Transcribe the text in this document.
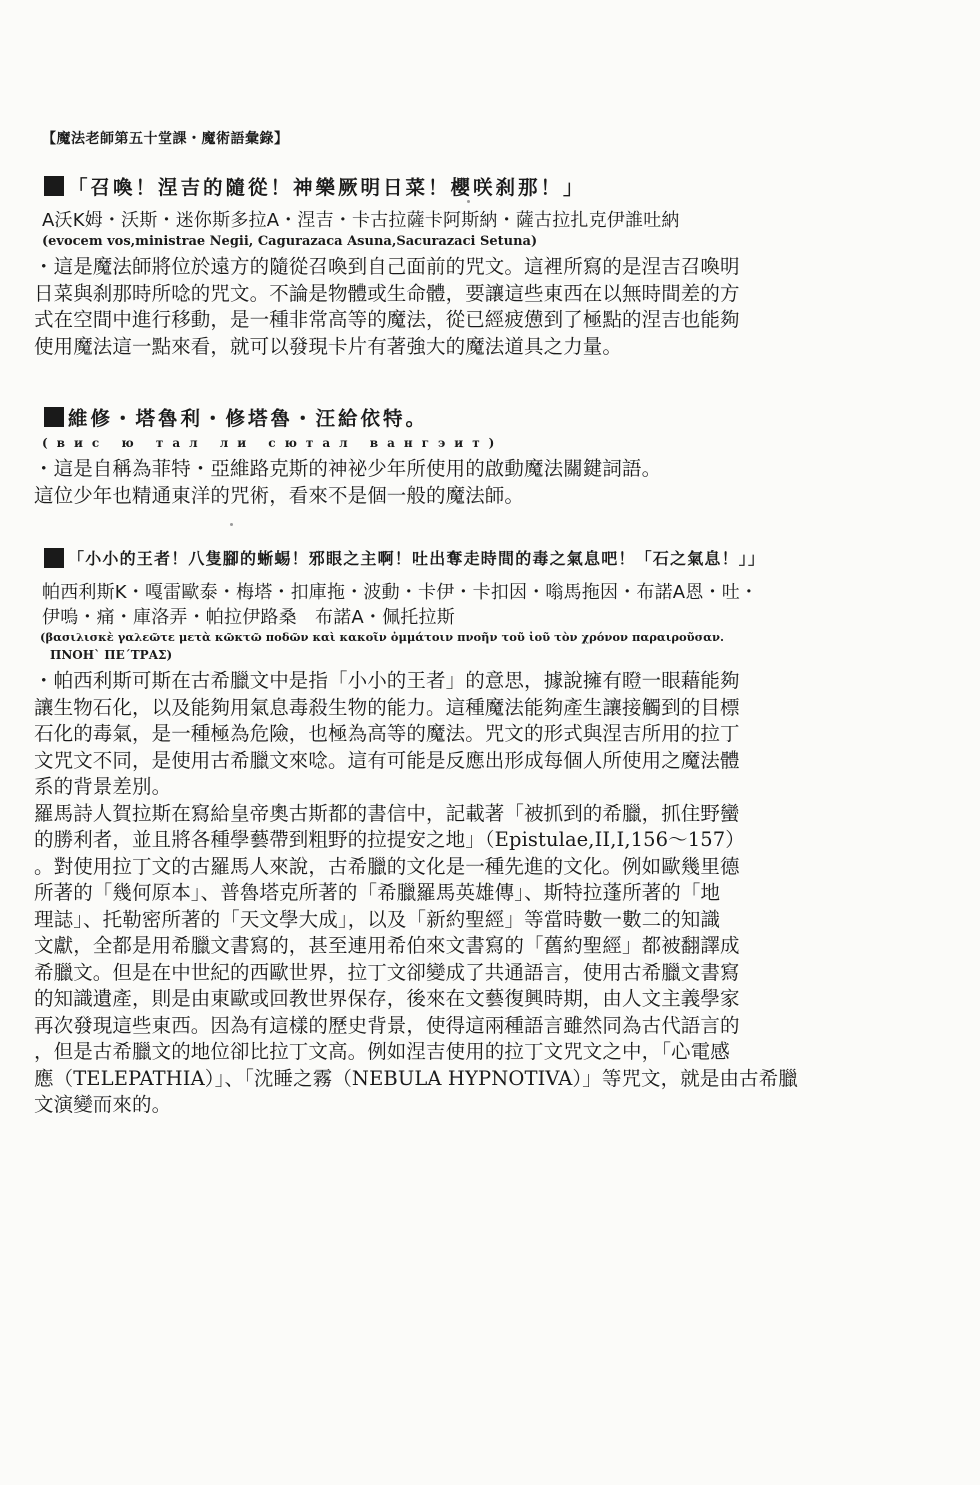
【魔法老師第五十堂課・魔術語彙錄】
「召喚！涅吉的隨從！神樂厥明日菜！櫻咲刹那！」
A沃K姆・沃斯・迷你斯多拉A・涅吉・卡古拉薩卡阿斯納・薩古拉扎克伊誰吐納
(evocem vos,ministrae Negii, Cagurazaca Asuna,Sacurazaci Setuna)
・這是魔法師將位於遠方的隨從召喚到自己面前的咒文。這裡所寫的是涅吉召喚明
日菜與刹那時所唸的咒文。不論是物體或生命體，要讓這些東西在以無時間差的方
式在空間中進行移動，是一種非常高等的魔法，從已經疲憊到了極點的涅吉也能夠
使用魔法這一點來看，就可以發現卡片有著強大的魔法道具之力量。
維修・塔魯利・修塔魯・汪給依特。
(вис ю тал ли сютал вангэит)
・這是自稱為菲特・亞維路克斯的神祕少年所使用的啟動魔法關鍵詞語。
這位少年也精通東洋的咒術，看來不是個一般的魔法師。
「小小的王者！八隻腳的蜥蜴！邪眼之主啊！吐出奪走時間的毒之氣息吧！「石之氣息！」」
帕西利斯K・嘎雷歐泰・梅塔・扣庫拖・波動・卡伊・卡扣因・嗡馬拖因・布諾A恩・吐・
伊嗚・痛・庫洛弄・帕拉伊路桑　布諾A・佩托拉斯
(βασιλισκὲ γαλεῶτε μετὰ κῶκτῶ ποδῶν καὶ κακοῖν ὀμμάτοιν πνοῆν τοῦ ἰοῦ τὸν χρόνον παραιροῦσαν.
ΠΝΟΗ` ΠΕ´ΤΡΑΣ)
・帕西利斯可斯在古希臘文中是指「小小的王者」的意思，據說擁有瞪一眼藉能夠
讓生物石化，以及能夠用氣息毒殺生物的能力。這種魔法能夠產生讓接觸到的目標
石化的毒氣，是一種極為危險，也極為高等的魔法。咒文的形式與涅吉所用的拉丁
文咒文不同，是使用古希臘文來唸。這有可能是反應出形成每個人所使用之魔法體
系的背景差別。
羅馬詩人賀拉斯在寫給皇帝奧古斯都的書信中，記載著「被抓到的希臘，抓住野蠻
的勝利者，並且將各種學藝帶到粗野的拉提安之地」（Epistulae,II,I,156～157）
。對使用拉丁文的古羅馬人來說，古希臘的文化是一種先進的文化。例如歐幾里德
所著的「幾何原本」、普魯塔克所著的「希臘羅馬英雄傳」、斯特拉蓬所著的「地
理誌」、托勒密所著的「天文學大成」，以及「新約聖經」等當時數一數二的知識
文獻，全都是用希臘文書寫的，甚至連用希伯來文書寫的「舊約聖經」都被翻譯成
希臘文。但是在中世紀的西歐世界，拉丁文卻變成了共通語言，使用古希臘文書寫
的知識遺產，則是由東歐或回教世界保存，後來在文藝復興時期，由人文主義學家
再次發現這些東西。因為有這樣的歷史背景，使得這兩種語言雖然同為古代語言的
，但是古希臘文的地位卻比拉丁文高。例如涅吉使用的拉丁文咒文之中，「心電感
應（TELEPATHIA）」、「沈睡之霧（NEBULA HYPNOTIVA）」等咒文，就是由古希臘
文演變而來的。
